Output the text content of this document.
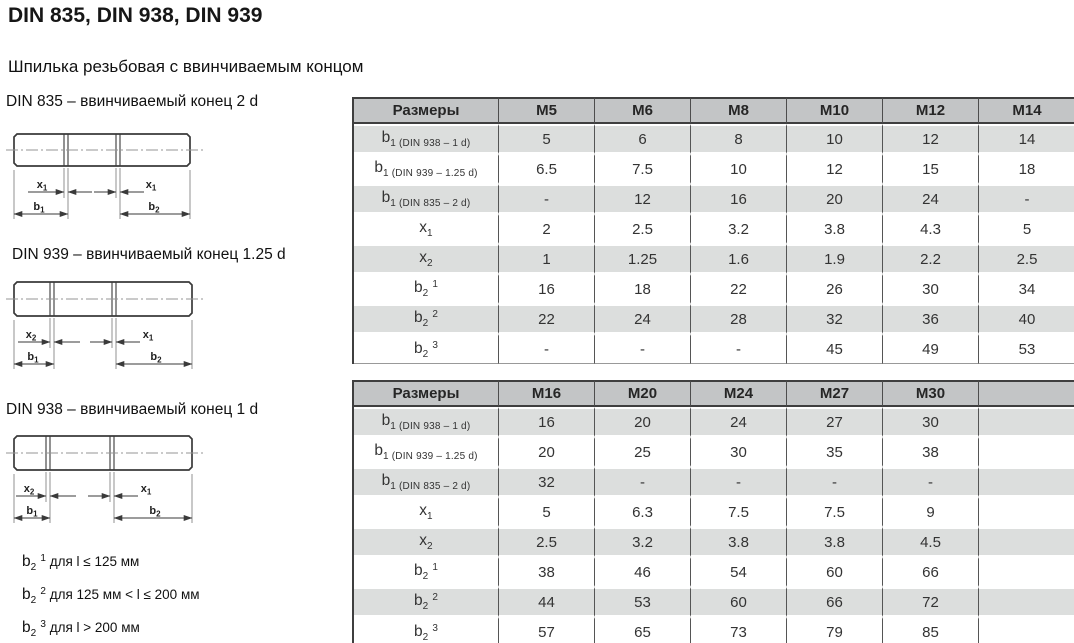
DIN 835, DIN 938, DIN 939
Шпилька резьбовая с ввинчиваемым концом
DIN 835 – ввинчиваемый конец 2 d
$x_1$	$x_1$
$b_1$	$b_2$
DIN 939 – ввинчиваемый конец 1.25 d
$x_2$	$x_1$
$b_1$	$b_2$
DIN 938 – ввинчиваемый конец 1 d
$x_2$	$x_1$
$b_1$	$b_2$
$b_2^1$ для l ≤ 125 мм
$b_2^2$ для 125 мм < l ≤ 200 мм
$b_2^3$ для l > 200 мм
Размеры	M5	M6	M8	M10	M12	M14
$b_{1 (DIN 938 - 1 d)}$	5	6	8	10	12	14
$b_{1 (DIN 939 - 1.25 d)}$	6.5	7.5	10	12	15	18
$b_{1 (DIN 835 - 2 d)}$	-	12	16	20	24	-
$x_1$	2	2.5	3.2	3.8	4.3	5
$x_2$	1	1.25	1.6	1.9	2.2	2.5
$b_2^1$	16	18	22	26	30	34
$b_2^2$	22	24	28	32	36	40
$b_2^3$	-	-	-	45	49	53
Размеры	M16	M20	M24	M27	M30	
$b_{1 (DIN 938 - 1 d)}$	16	20	24	27	30	
$b_{1 (DIN 939 - 1.25 d)}$	20	25	30	35	38	
$b_{1 (DIN 835 - 2 d)}$	32	-	-	-	-	
$x_1$	5	6.3	7.5	7.5	9	
$x_2$	2.5	3.2	3.8	3.8	4.5	
$b_2^1$	38	46	54	60	66	
$b_2^2$	44	53	60	66	72	
$b_2^3$	57	65	73	79	85	
